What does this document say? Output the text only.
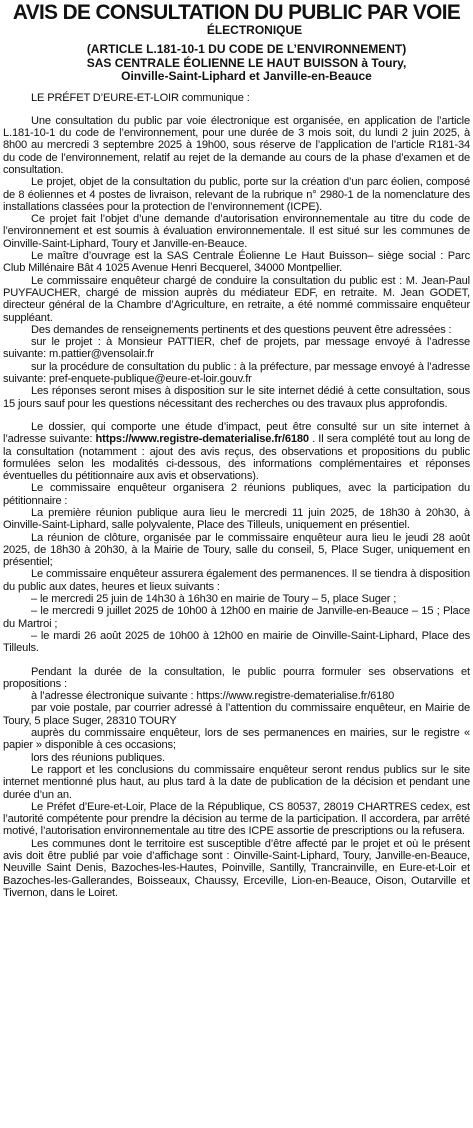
AVIS DE CONSULTATION DU PUBLIC PAR VOIE
ÉLECTRONIQUE
(ARTICLE L.181-10-1 DU CODE DE L’ENVIRONNEMENT)
SAS CENTRALE ÉOLIENNE LE HAUT BUISSON à Toury,
Oinville-Saint-Liphard et Janville-en-Beauce

LE PRÉFET D’EURE-ET-LOIR communique :

Une consultation du public par voie électronique est organisée, en application de l’article L.181-10-1 du code de l’environnement, pour une durée de 3 mois soit, du lundi 2 juin 2025, à 8h00 au mercredi 3 septembre 2025 à 19h00, sous réserve de l’application de l’article R181-34 du code de l’environnement, relatif au rejet de la demande au cours de la phase d’examen et de consultation.

Le projet, objet de la consultation du public, porte sur la création d’un parc éolien, composé de 8 éoliennes et 4 postes de livraison, relevant de la rubrique n° 2980-1 de la nomenclature des installations classées pour la protection de l’environnement (ICPE).

Ce projet fait l’objet d’une demande d’autorisation environnementale au titre du code de l’environnement et est soumis à évaluation environnementale. Il est situé sur les communes de Oinville-Saint-Liphard, Toury et Janville-en-Beauce.

Le maître d’ouvrage est la SAS Centrale Éolienne Le Haut Buisson– siège social : Parc Club Millénaire Bât 4 1025 Avenue Henri Becquerel, 34000 Montpellier.

Le commissaire enquêteur chargé de conduire la consultation du public est : M. Jean-Paul PUYFAUCHER, chargé de mission auprès du médiateur EDF, en retraite. M. Jean GODET, directeur général de la Chambre d’Agriculture, en retraite, a été nommé commissaire enquêteur suppléant.

Des demandes de renseignements pertinents et des questions peuvent être adressées :

sur le projet : à Monsieur PATTIER, chef de projets, par message envoyé à l’adresse suivante: m.pattier@vensolair.fr

sur la procédure de consultation du public : à la préfecture, par message envoyé à l’adresse suivante: pref-enquete-publique@eure-et-loir.gouv.fr

Les réponses seront mises à disposition sur le site internet dédié à cette consultation, sous 15 jours sauf pour les questions nécessitant des recherches ou des travaux plus approfondis.

Le dossier, qui comporte une étude d’impact, peut être consulté sur un site internet à l’adresse suivante: https://www.registre-dematerialise.fr/6180 . Il sera complété tout au long de la consultation (notamment : ajout des avis reçus, des observations et propositions du public formulées selon les modalités ci-dessous, des informations complémentaires et réponses éventuelles du pétitionnaire aux avis et observations).

Le commissaire enquêteur organisera 2 réunions publiques, avec la participation du pétitionnaire :

La première réunion publique aura lieu le mercredi 11 juin 2025, de 18h30 à 20h30, à Oinville-Saint-Liphard, salle polyvalente, Place des Tilleuls, uniquement en présentiel.

La réunion de clôture, organisée par le commissaire enquêteur aura lieu le jeudi 28 août 2025, de 18h30 à 20h30, à la Mairie de Toury, salle du conseil, 5, Place Suger, uniquement en présentiel;

Le commissaire enquêteur assurera également des permanences. Il se tiendra à disposition du public aux dates, heures et lieux suivants :

– le mercredi 25 juin de 14h30 à 16h30 en mairie de Toury – 5, place Suger ;

– le mercredi 9 juillet 2025 de 10h00 à 12h00 en mairie de Janville-en-Beauce – 15 ; Place du Martroi ;

– le mardi 26 août 2025 de 10h00 à 12h00 en mairie de Oinville-Saint-Liphard, Place des Tilleuls.

Pendant la durée de la consultation, le public pourra formuler ses observations et propositions :

à l’adresse électronique suivante : https://www.registre-dematerialise.fr/6180

par voie postale, par courrier adressé à l’attention du commissaire enquêteur, en Mairie de Toury, 5 place Suger, 28310 TOURY

auprès du commissaire enquêteur, lors de ses permanences en mairies, sur le registre « papier » disponible à ces occasions;

lors des réunions publiques.

Le rapport et les conclusions du commissaire enquêteur seront rendus publics sur le site internet mentionné plus haut, au plus tard à la date de publication de la décision et pendant une durée d’un an.

Le Préfet d’Eure-et-Loir, Place de la République, CS 80537, 28019 CHARTRES cedex, est l’autorité compétente pour prendre la décision au terme de la participation. Il accordera, par arrêté motivé, l’autorisation environnementale au titre des ICPE assortie de prescriptions ou la refusera.

Les communes dont le territoire est susceptible d’être affecté par le projet et où le présent avis doit être publié par voie d’affichage sont : Oinville-Saint-Liphard, Toury, Janville-en-Beauce, Neuville Saint Denis, Bazoches-les-Hautes, Poinville, Santilly, Trancrainville, en Eure-et-Loir et Bazoches-les-Gallerandes, Boisseaux, Chaussy, Erceville, Lion-en-Beauce, Oison, Outarville et Tivernon, dans le Loiret.
